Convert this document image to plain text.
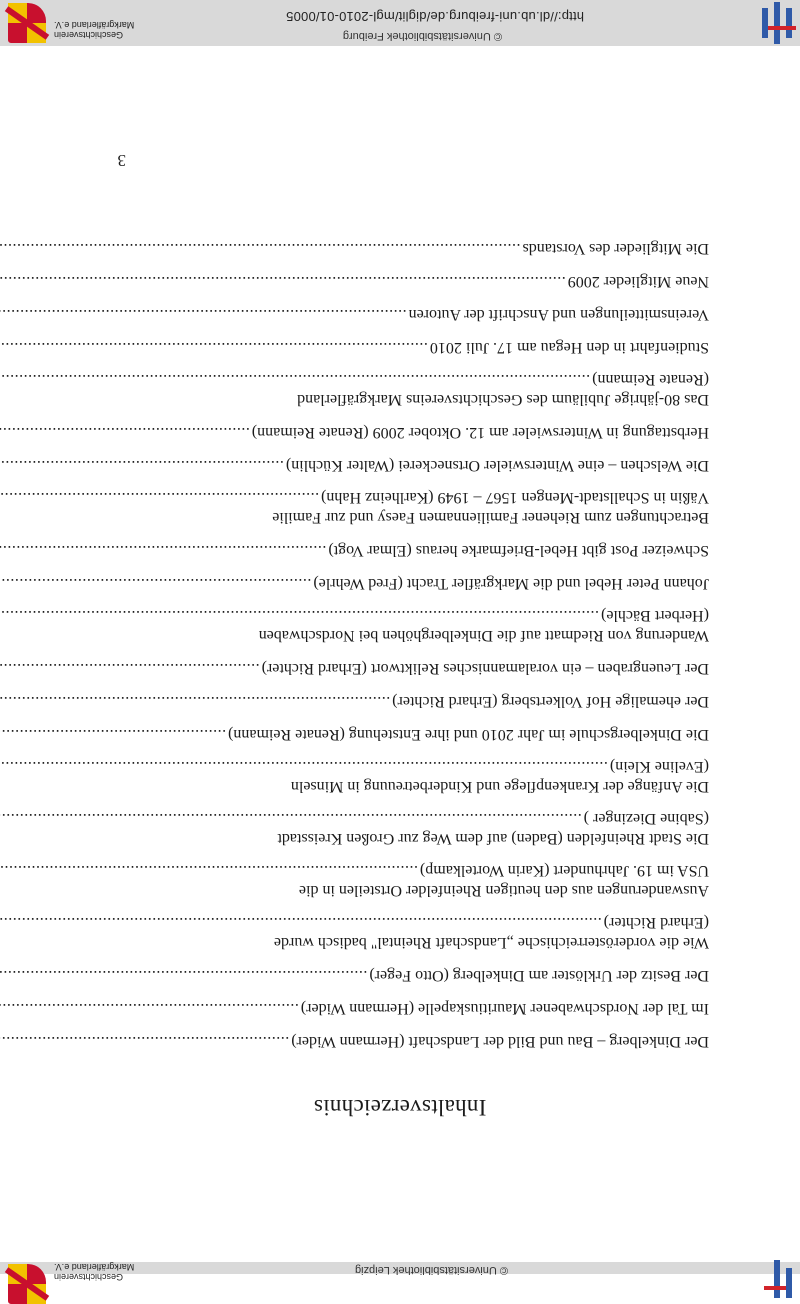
© Universitätsbibliothek Leipzig
Geschichtsverein Markgräflerland e.V.
Inhaltsverzeichnis
Der Dinkelberg – Bau und Bild der Landschaft (Hermann Wider)
.....
Im Tal der Nordschwabener Mauritiuskapelle (Hermann Wider)
.....
Der Besitz der Urklöster am Dinkelberg (Otto Feger)
.....
Wie die vorderösterreichische „Landschaft Rheintal" badisch wurde
(Erhard Richter)
.....
Auswanderungen aus den heutigen Rheinfelder Ortsteilen in die
USA im 19. Jahrhundert (Karin Wortelkamp)
.....
Die Stadt Rheinfelden (Baden) auf dem Weg zur Großen Kreisstadt
(Sabine Diezinger )
.....
Die Anfänge der Krankenpflege und Kinderbetreuung in Minseln
(Eveline Klein)
.....
Die Dinkelbergschule im Jahr 2010 und ihre Entstehung (Renate Reimann)
.....
Der ehemalige Hof Volkertsberg (Erhard Richter)
.....
Der Leuengraben – ein voralamannisches Reliktwort (Erhard Richter)
.....
Wanderung von Riedmatt auf die Dinkelberghöhen bei Nordschwaben
(Herbert Bächle)
.....
Johann Peter Hebel und die Markgräfler Tracht (Fred Wehrle)
.....
Schweizer Post gibt Hebel-Briefmarke heraus (Elmar Vogt)
.....
Betrachtungen zum Riehener Familiennamen Faesy und zur Familie
Väßin in Schallstadt-Mengen 1567 – 1949 (Karlheinz Hahn)
.....
Die Welschen – eine Winterswieler Ortsneckerei (Walter Küchlin)
.....
Herbsttagung in Winterswieler am 12. Oktober 2009 (Renate Reimann)
.....
Das 80-jährige Jubiläum des Geschichtsvereins Markgräflerland
(Renate Reimann)
.....
Studienfahrt in den Hegau am 17. Juli 2010
.....
Vereinsmitteilungen und Anschrift der Autoren
.....
Neue Mitglieder 2009
.....
Die Mitglieder des Vorstands
.....
3
© Universitätsbibliothek Freiburg
http://dl.ub.uni-freiburg.de/diglit/mgl-2010-01/0005
Geschichtsverein Markgräflerland e.V.
